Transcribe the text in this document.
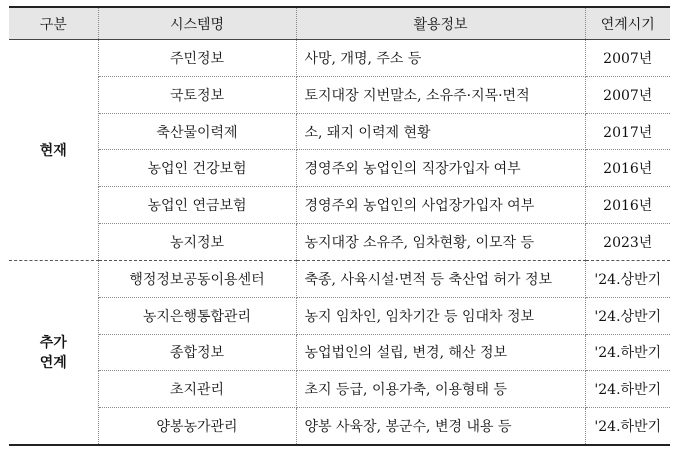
구분	시스템명	활용정보	연계시기
현재	주민정보	사망, 개명, 주소 등	2007년
	국토정보	토지대장 지번말소, 소유주·지목·면적	2007년
	축산물이력제	소, 돼지 이력제 현황	2017년
	농업인 건강보험	경영주외 농업인의 직장가입자 여부	2016년
	농업인 연금보험	경영주외 농업인의 사업장가입자 여부	2016년
	농지정보	농지대장 소유주, 임차현황, 이모작 등	2023년

추가
연계	행정정보공동이용센터	축종, 사육시설·면적 등 축산업 허가 정보	'24.상반기
	농지은행통합관리	농지 임차인, 임차기간 등 임대차 정보	'24.상반기
	종합정보	농업법인의 설립, 변경, 해산 정보	'24.하반기
	초지관리	초지 등급, 이용가축, 이용형태 등	'24.하반기
	양봉농가관리	양봉 사육장, 봉군수, 변경 내용 등	'24.하반기
